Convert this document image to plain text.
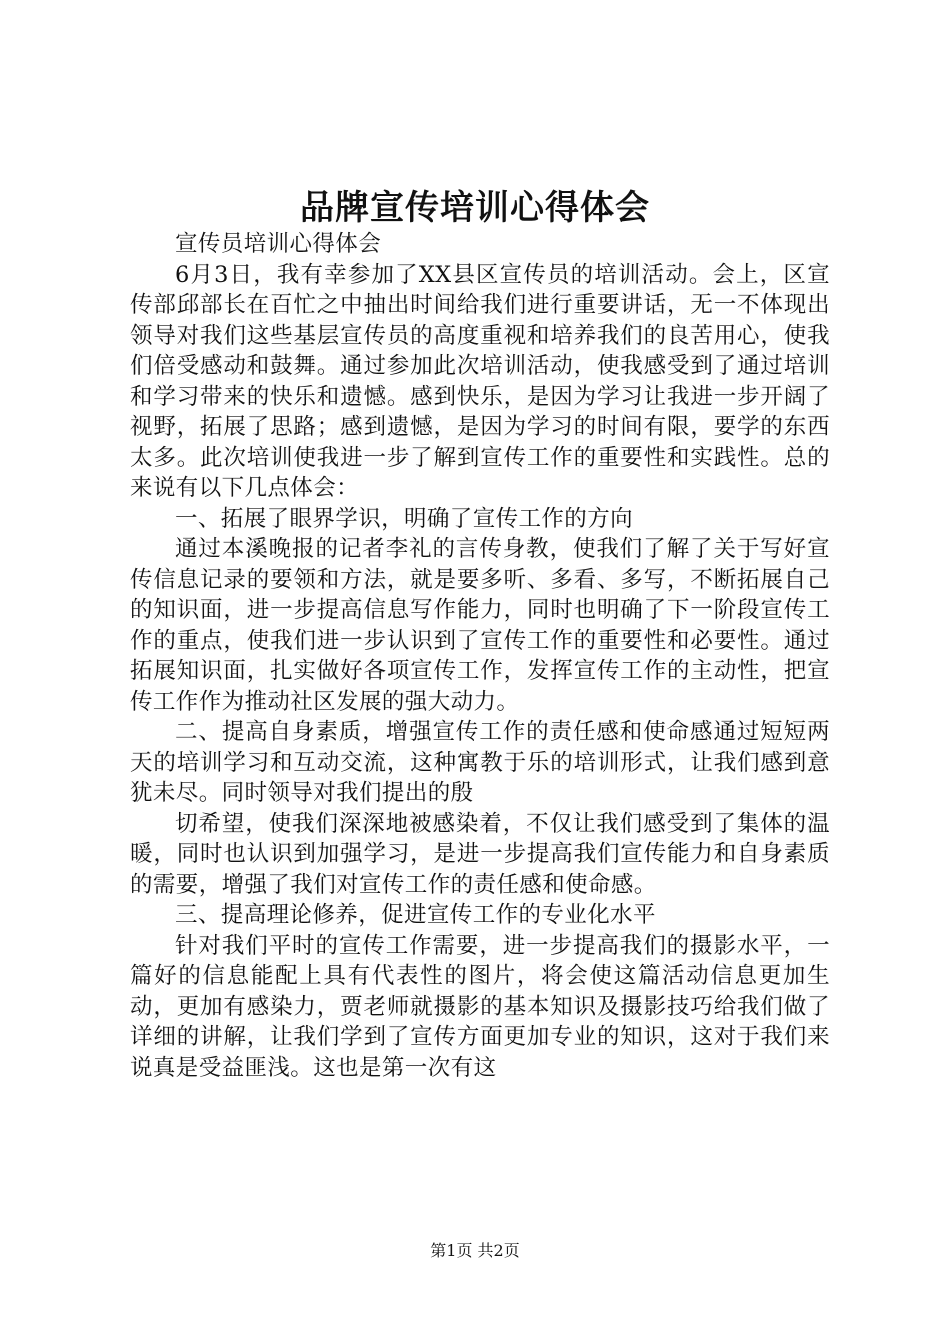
品牌宣传培训心得体会

宣传员培训心得体会

6月3日，我有幸参加了XX县区宣传员的培训活动。会上，区宣传部邱部长在百忙之中抽出时间给我们进行重要讲话，无一不体现出领导对我们这些基层宣传员的高度重视和培养我们的良苦用心，使我们倍受感动和鼓舞。通过参加此次培训活动，使我感受到了通过培训和学习带来的快乐和遗憾。感到快乐，是因为学习让我进一步开阔了视野，拓展了思路；感到遗憾，是因为学习的时间有限，要学的东西太多。此次培训使我进一步了解到宣传工作的重要性和实践性。总的来说有以下几点体会：

一、拓展了眼界学识，明确了宣传工作的方向

通过本溪晚报的记者李礼的言传身教，使我们了解了关于写好宣传信息记录的要领和方法，就是要多听、多看、多写，不断拓展自己的知识面，进一步提高信息写作能力，同时也明确了下一阶段宣传工作的重点，使我们进一步认识到了宣传工作的重要性和必要性。通过拓展知识面，扎实做好各项宣传工作，发挥宣传工作的主动性，把宣传工作作为推动社区发展的强大动力。

二、提高自身素质，增强宣传工作的责任感和使命感通过短短两天的培训学习和互动交流，这种寓教于乐的培训形式，让我们感到意犹未尽。同时领导对我们提出的殷

切希望，使我们深深地被感染着，不仅让我们感受到了集体的温暖，同时也认识到加强学习，是进一步提高我们宣传能力和自身素质的需要，增强了我们对宣传工作的责任感和使命感。

三、提高理论修养，促进宣传工作的专业化水平

针对我们平时的宣传工作需要，进一步提高我们的摄影水平，一篇好的信息能配上具有代表性的图片，将会使这篇活动信息更加生动，更加有感染力，贾老师就摄影的基本知识及摄影技巧给我们做了详细的讲解，让我们学到了宣传方面更加专业的知识，这对于我们来说真是受益匪浅。这也是第一次有这

第1页 共2页
